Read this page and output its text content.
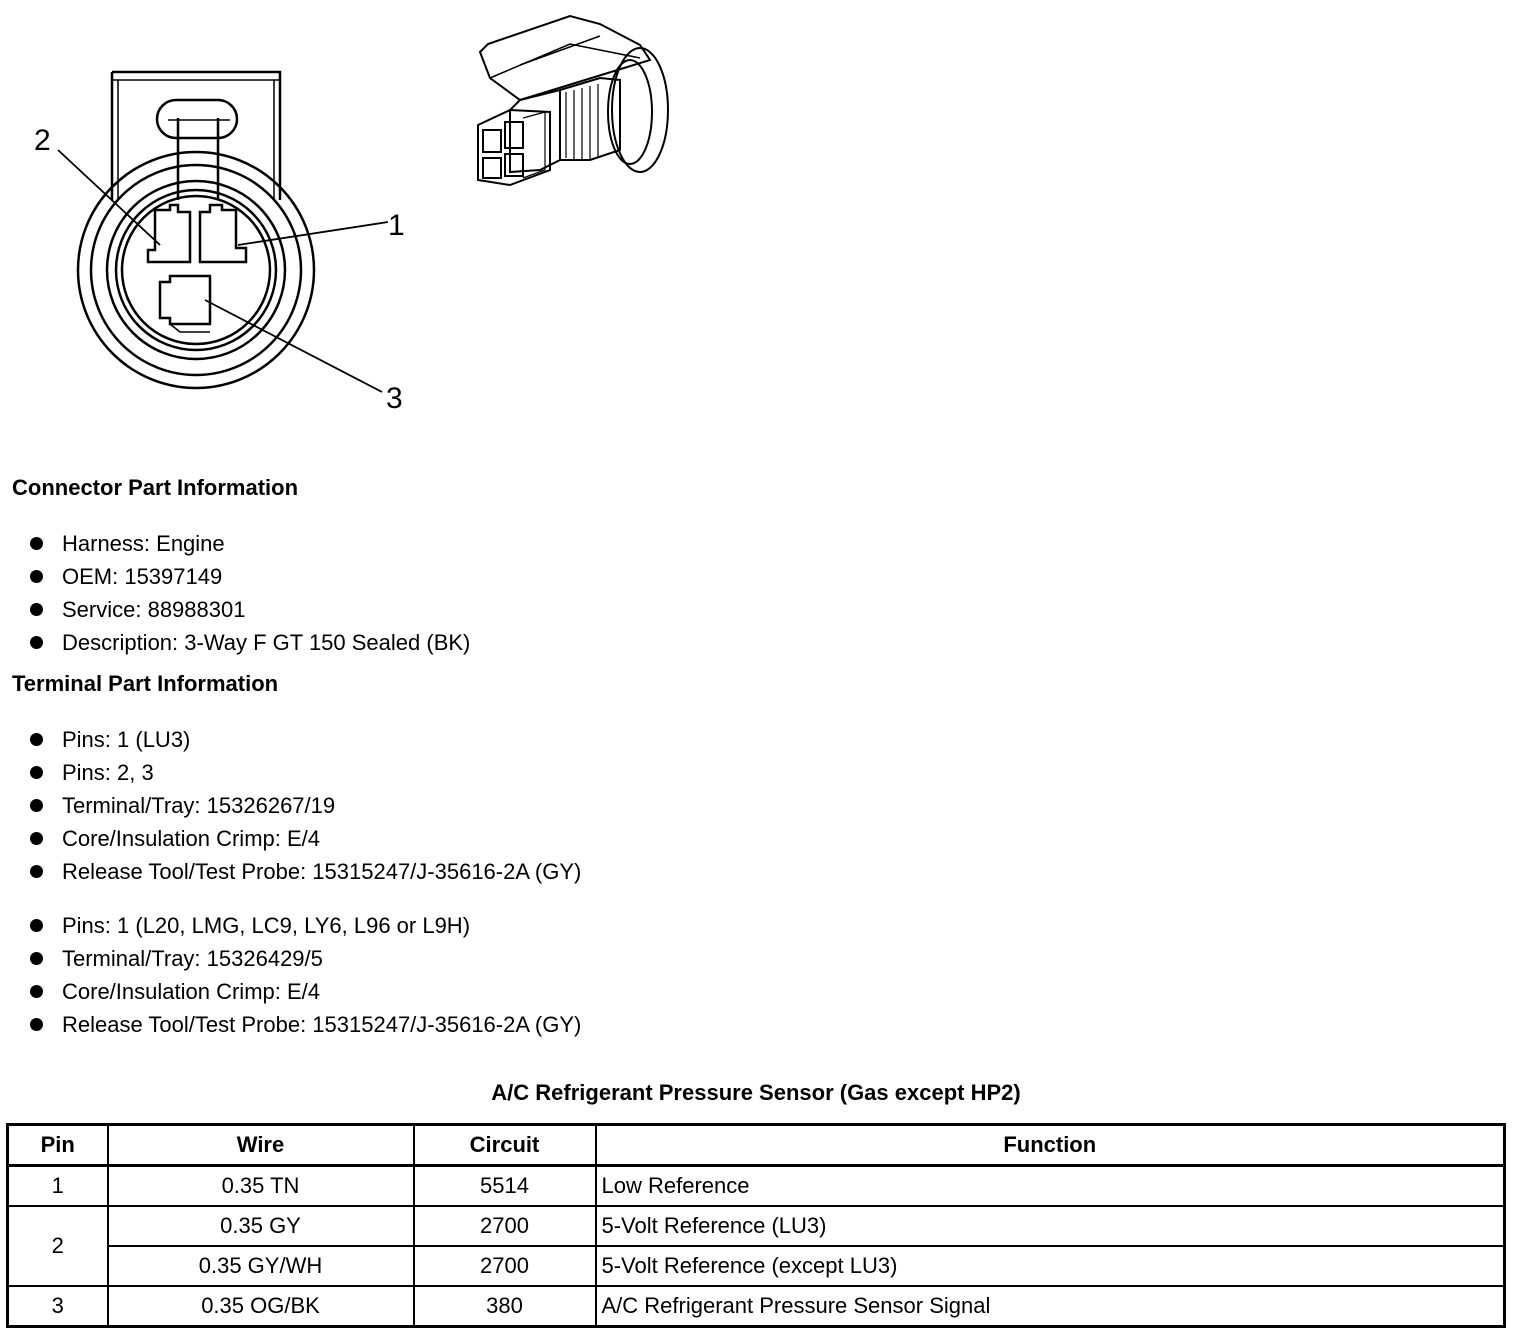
2
1
3
Connector Part Information
Harness: Engine
OEM: 15397149
Service: 88988301
Description: 3-Way F GT 150 Sealed (BK)
Terminal Part Information
Pins: 1 (LU3)
Pins: 2, 3
Terminal/Tray: 15326267/19
Core/Insulation Crimp: E/4
Release Tool/Test Probe: 15315247/J-35616-2A (GY)
Pins: 1 (L20, LMG, LC9, LY6, L96 or L9H)
Terminal/Tray: 15326429/5
Core/Insulation Crimp: E/4
Release Tool/Test Probe: 15315247/J-35616-2A (GY)
A/C Refrigerant Pressure Sensor (Gas except HP2)
Pin	Wire	Circuit	Function
1	0.35 TN	5514	Low Reference
2	0.35 GY	2700	5-Volt Reference (LU3)
	0.35 GY/WH	2700	5-Volt Reference (except LU3)
3	0.35 OG/BK	380	A/C Refrigerant Pressure Sensor Signal
